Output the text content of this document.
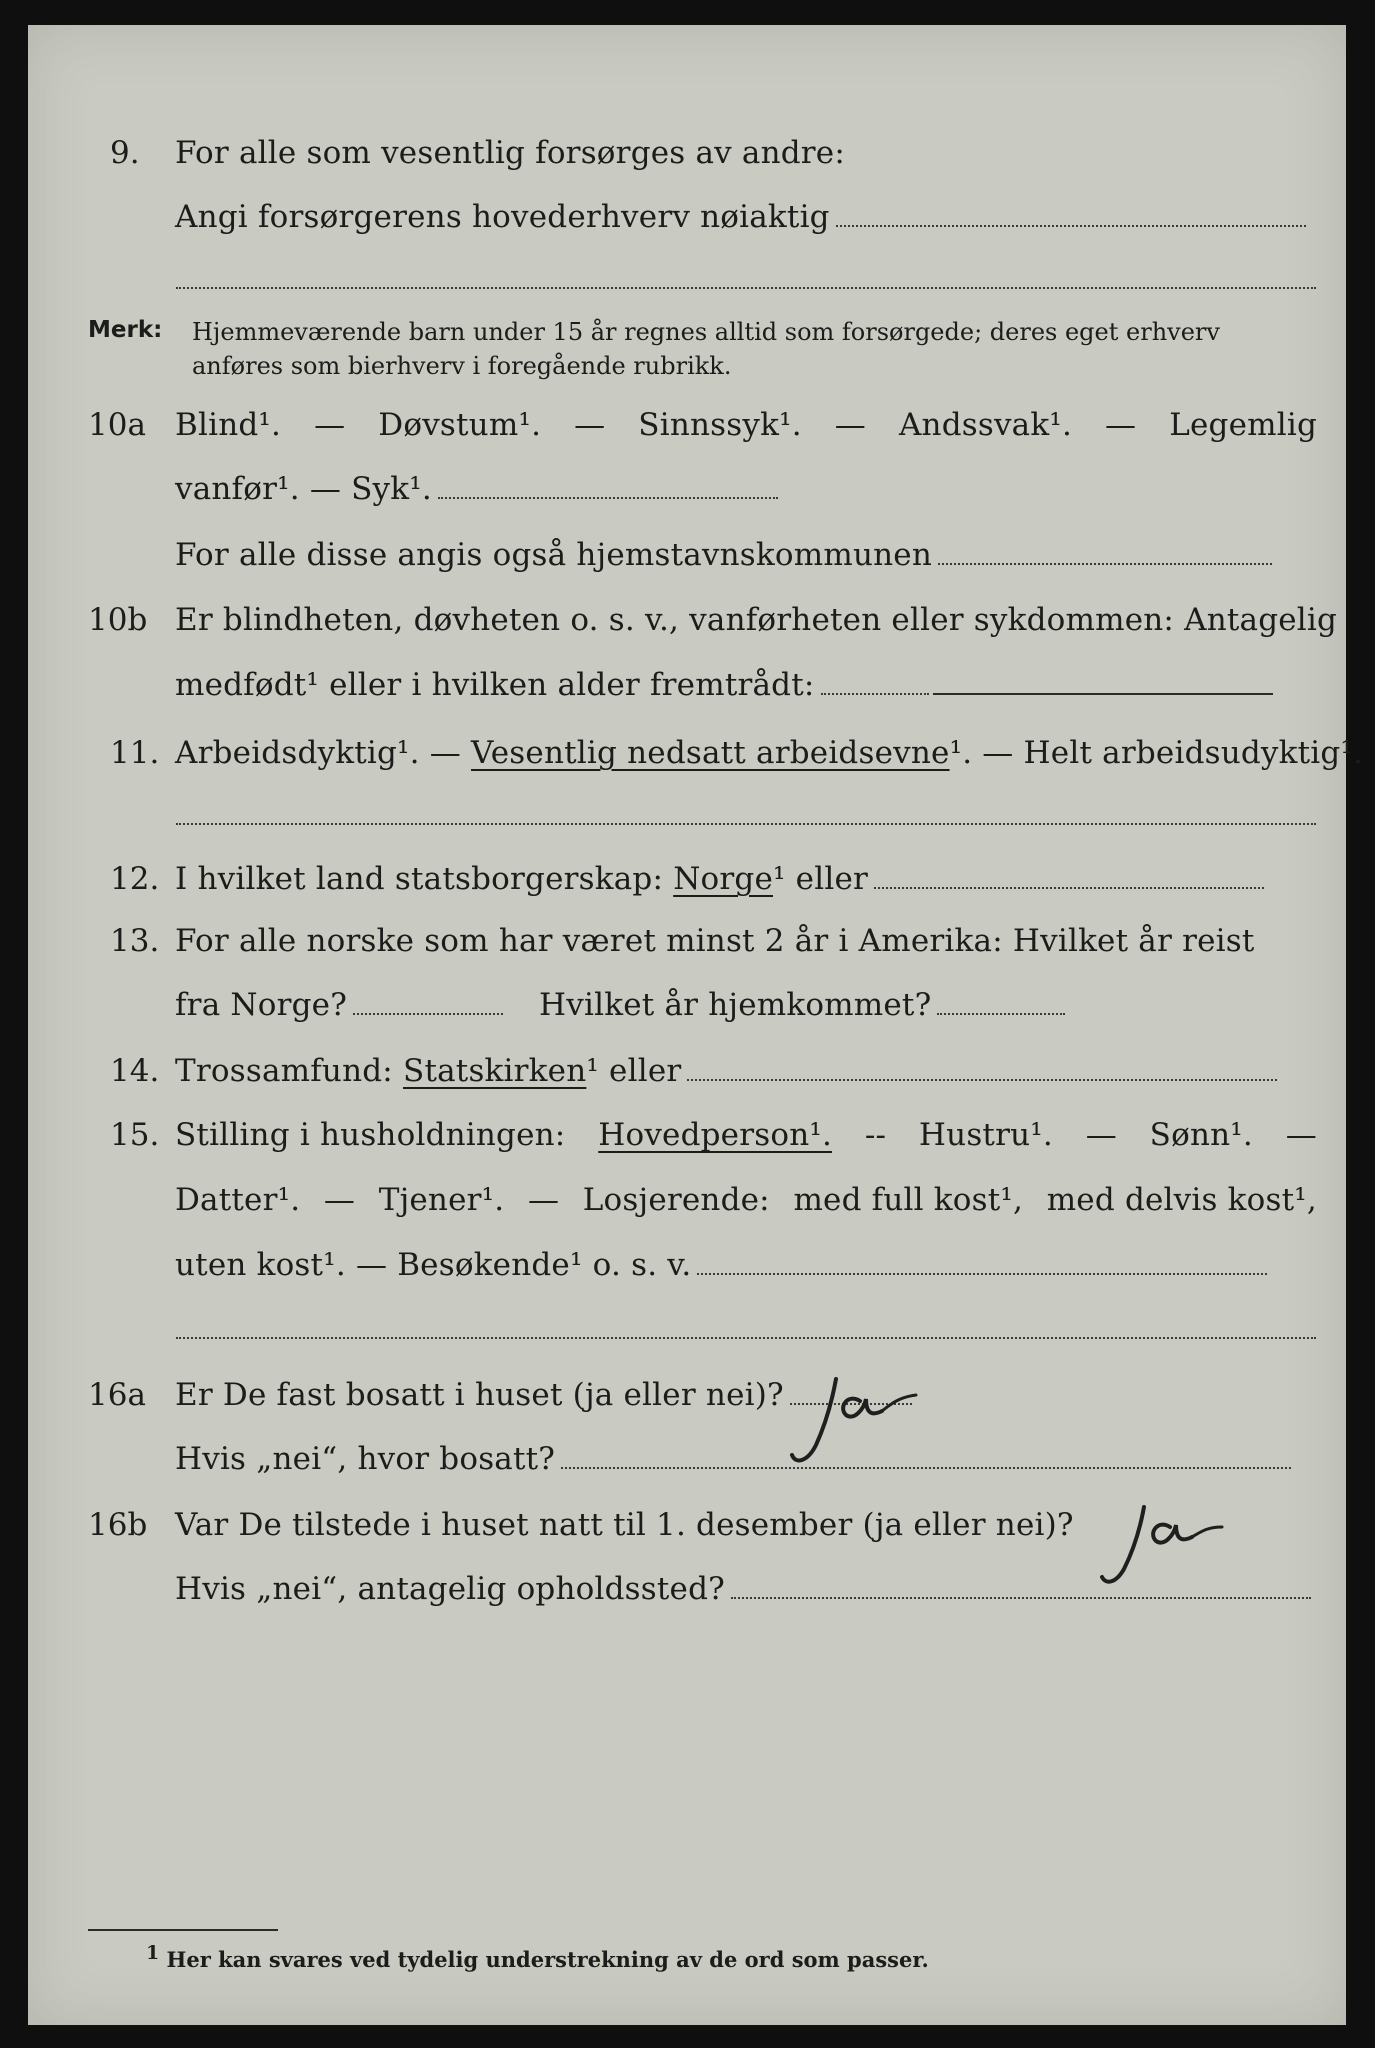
9. For alle som vesentlig forsørges av andre:
Angi forsørgerens hovederhverv nøiaktig
Merk: Hjemmeværende barn under 15 år regnes alltid som forsørgede; deres eget erhverv
anføres som bierhverv i foregående rubrikk.
10a Blind¹. — Døvstum¹. — Sinnssyk¹. — Andssvak¹. — Legemlig
vanfør¹. — Syk¹.
For alle disse angis også hjemstavnskommunen
10b Er blindheten, døvheten o. s. v., vanførheten eller sykdommen: Antagelig
medfødt¹ eller i hvilken alder fremtrådt:
11. Arbeidsdyktig¹. — Vesentlig nedsatt arbeidsevne¹. — Helt arbeidsudyktig¹.
12. I hvilket land statsborgerskap: Norge¹ eller
13. For alle norske som har været minst 2 år i Amerika: Hvilket år reist
fra Norge?	Hvilket år hjemkommet?
14. Trossamfund: Statskirken¹ eller
15. Stilling i husholdningen: Hovedperson¹. -- Hustru¹. — Sønn¹. —
Datter¹. — Tjener¹. — Losjerende: med full kost¹, med delvis kost¹,
uten kost¹. — Besøkende¹ o. s. v.
16a Er De fast bosatt i huset (ja eller nei)?
Hvis „nei“, hvor bosatt?
16b Var De tilstede i huset natt til 1. desember (ja eller nei)?
Hvis „nei“, antagelig opholdssted?
1 Her kan svares ved tydelig understrekning av de ord som passer.
